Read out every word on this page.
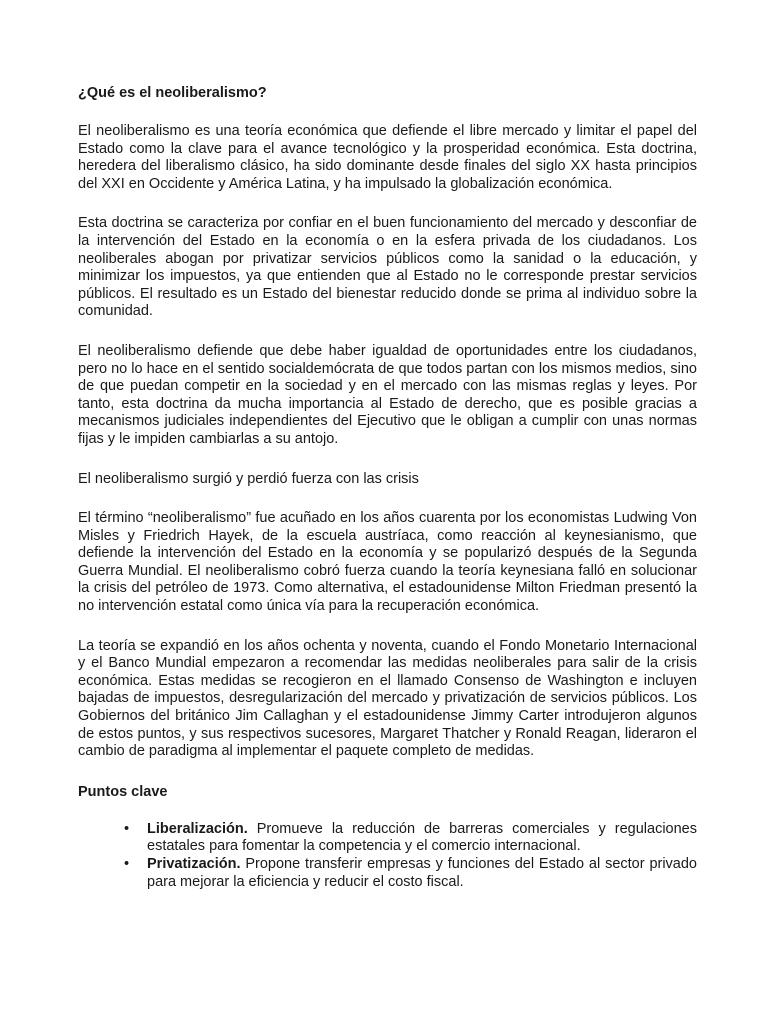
¿Qué es el neoliberalismo?

El neoliberalismo es una teoría económica que defiende el libre mercado y limitar el papel del Estado como la clave para el avance tecnológico y la prosperidad económica. Esta doctrina, heredera del liberalismo clásico, ha sido dominante desde finales del siglo XX hasta principios del XXI en Occidente y América Latina, y ha impulsado la globalización económica.

Esta doctrina se caracteriza por confiar en el buen funcionamiento del mercado y desconfiar de la intervención del Estado en la economía o en la esfera privada de los ciudadanos. Los neoliberales abogan por privatizar servicios públicos como la sanidad o la educación, y minimizar los impuestos, ya que entienden que al Estado no le corresponde prestar servicios públicos. El resultado es un Estado del bienestar reducido donde se prima al individuo sobre la comunidad.

El neoliberalismo defiende que debe haber igualdad de oportunidades entre los ciudadanos, pero no lo hace en el sentido socialdemócrata de que todos partan con los mismos medios, sino de que puedan competir en la sociedad y en el mercado con las mismas reglas y leyes. Por tanto, esta doctrina da mucha importancia al Estado de derecho, que es posible gracias a mecanismos judiciales independientes del Ejecutivo que le obligan a cumplir con unas normas fijas y le impiden cambiarlas a su antojo.

El neoliberalismo surgió y perdió fuerza con las crisis

El término “neoliberalismo” fue acuñado en los años cuarenta por los economistas Ludwing Von Misles y Friedrich Hayek, de la escuela austríaca, como reacción al keynesianismo, que defiende la intervención del Estado en la economía y se popularizó después de la Segunda Guerra Mundial. El neoliberalismo cobró fuerza cuando la teoría keynesiana falló en solucionar la crisis del petróleo de 1973. Como alternativa, el estadounidense Milton Friedman presentó la no intervención estatal como única vía para la recuperación económica.

La teoría se expandió en los años ochenta y noventa, cuando el Fondo Monetario Internacional y el Banco Mundial empezaron a recomendar las medidas neoliberales para salir de la crisis económica. Estas medidas se recogieron en el llamado Consenso de Washington e incluyen bajadas de impuestos, desregularización del mercado y privatización de servicios públicos. Los Gobiernos del británico Jim Callaghan y el estadounidense Jimmy Carter introdujeron algunos de estos puntos, y sus respectivos sucesores, Margaret Thatcher y Ronald Reagan, lideraron el cambio de paradigma al implementar el paquete completo de medidas.

Puntos clave
• Liberalización. Promueve la reducción de barreras comerciales y regulaciones estatales para fomentar la competencia y el comercio internacional.
• Privatización. Propone transferir empresas y funciones del Estado al sector privado para mejorar la eficiencia y reducir el costo fiscal.
